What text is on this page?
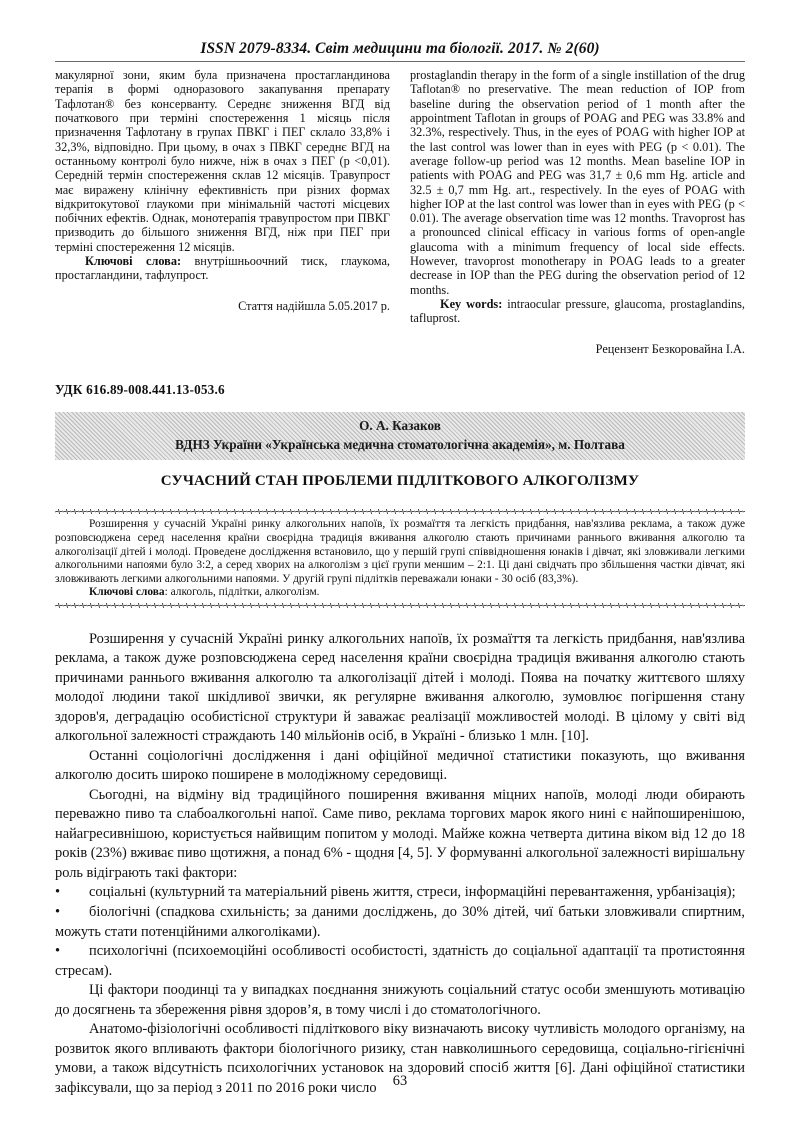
ISSN 2079-8334. Світ медицини та біології. 2017. № 2(60)

макулярної зони, яким була призначена простагландинова терапія в формі одноразового закапування препарату Тафлотан® без консерванту. Середнє зниження ВГД від початкового при терміні спостереження 1 місяць після призначення Тафлотану в групах ПВКГ і ПЕГ склало 33,8% і 32,3%, відповідно. При цьому, в очах з ПВКГ середнє ВГД на останньому контролі було нижче, ніж в очах з ПЕГ (р <0,01). Середній термін спостереження склав 12 місяців. Травупрост має виражену клінічну ефективність при різних формах відкритокутової глаукоми при мінімальній частоті місцевих побічних ефектів. Однак, монотерапія травупростом при ПВКГ призводить до більшого зниження ВГД, ніж при ПЕГ при терміні спостереження 12 місяців.

Ключові слова: внутрішньоочний тиск, глаукома, простагландини, тафлупрост.

Стаття надійшла 5.05.2017 р.

prostaglandin therapy in the form of a single instillation of the drug Taflotan® no preservative. The mean reduction of IOP from baseline during the observation period of 1 month after the appointment Taflotan in groups of POAG and PEG was 33.8% and 32.3%, respectively. Thus, in the eyes of POAG with higher IOP at the last control was lower than in eyes with PEG (p < 0.01). The average follow-up period was 12 months. Mean baseline IOP in patients with POAG and PEG was 31,7 ± 0,6 mm Hg. article and 32.5 ± 0,7 mm Hg. art., respectively. In the eyes of POAG with higher IOP at the last control was lower than in eyes with PEG (p < 0.01). The average observation time was 12 months. Travoprost has a pronounced clinical efficacy in various forms of open-angle glaucoma with a minimum frequency of local side effects. However, travoprost monotherapy in POAG leads to a greater decrease in IOP than the PEG during the observation period of 12 months.

Key words: intraocular pressure, glaucoma, prostaglandins, tafluprost.

Рецензент Безкоровайна І.А.

УДК 616.89-008.441.13-053.6
О. А. Казаков
ВДНЗ України «Українська медична стоматологічна академія», м. Полтава
СУЧАСНИЙ СТАН ПРОБЛЕМИ ПІДЛІТКОВОГО АЛКОГОЛІЗМУ

Розширення у сучасній Україні ринку алкогольних напоїв, їх розмаїття та легкість придбання, нав'язлива реклама, а також дуже розповсюджена серед населення країни своєрідна традиція вживання алкоголю стають причинами раннього вживання алкоголю та алкоголізації дітей і молоді. Проведене дослідження встановило, що у першій групі співвідношення юнаків і дівчат, які зловживали легкими алкогольними напоями було 3:2, а серед хворих на алкоголізм з цієї групи меншим – 2:1. Ці дані свідчать про збільшення частки дівчат, які зловживають легкими алкогольними напоями. У другій групі підлітків переважали юнаки - 30 осіб (83,3%).

Ключові слова: алкоголь, підлітки, алкоголізм.

Розширення у сучасній Україні ринку алкогольних напоїв, їх розмаїття та легкість придбання, нав'язлива реклама, а також дуже розповсюджена серед населення країни своєрідна традиція вживання алкоголю стають причинами раннього вживання алкоголю та алкоголізації дітей і молоді. Поява на початку життєвого шляху молодої людини такої шкідливої звички, як регулярне вживання алкоголю, зумовлює погіршення стану здоров'я, деградацію особистісної структури й заважає реалізації можливостей молоді. В цілому у світі від алкогольної залежності страждають 140 мільйонів осіб, в Україні - близько 1 млн. [10].

Останні соціологічні дослідження і дані офіційної медичної статистики показують, що вживання алкоголю досить широко поширене в молодіжному середовищі.

Сьогодні, на відміну від традиційного поширення вживання міцних напоїв, молоді люди обирають переважно пиво та слабоалкогольні напої. Саме пиво, реклама торгових марок якого нині є найпоширенішою, найагресивнішою, користується найвищим попитом у молоді. Майже кожна четверта дитина віком від 12 до 18 років (23%) вживає пиво щотижня, а понад 6% - щодня [4, 5]. У формуванні алкогольної залежності вирішальну роль відіграють такі фактори:

• соціальні (культурний та матеріальний рівень життя, стреси, інформаційні перевантаження, урбанізація);

• біологічні (спадкова схильність; за даними досліджень, до 30% дітей, чиї батьки зловживали спиртним, можуть стати потенційними алкоголіками).

• психологічні (психоемоційні особливості особистості, здатність до соціальної адаптації та протистояння стресам).

Ці фактори поодинці та у випадках поєднання знижують соціальний статус особи зменшують мотивацію до досягнень та збереження рівня здоров’я, в тому числі і до стоматологічного.

Анатомо-фізіологічні особливості підліткового віку визначають високу чутливість молодого організму, на розвиток якого впливають фактори біологічного ризику, стан навколишнього середовища, соціально-гігієнічні умови, а також відсутність психологічних установок на здоровий спосіб життя [6]. Дані офіційної статистики зафіксували, що за період з 2011 по 2016 роки число	63
